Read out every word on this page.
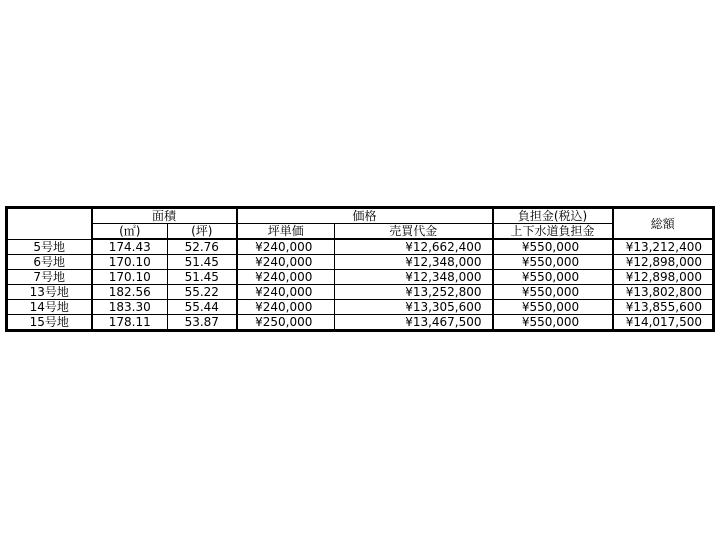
	面積		価格		負担金(税込)	総額
	(㎡)	(坪)	坪単価	売買代金	上下水道負担金	
5号地	174.43	52.76	¥240,000	¥12,662,400	¥550,000	¥13,212,400
6号地	170.10	51.45	¥240,000	¥12,348,000	¥550,000	¥12,898,000
7号地	170.10	51.45	¥240,000	¥12,348,000	¥550,000	¥12,898,000
13号地	182.56	55.22	¥240,000	¥13,252,800	¥550,000	¥13,802,800
14号地	183.30	55.44	¥240,000	¥13,305,600	¥550,000	¥13,855,600
15号地	178.11	53.87	¥250,000	¥13,467,500	¥550,000	¥14,017,500
